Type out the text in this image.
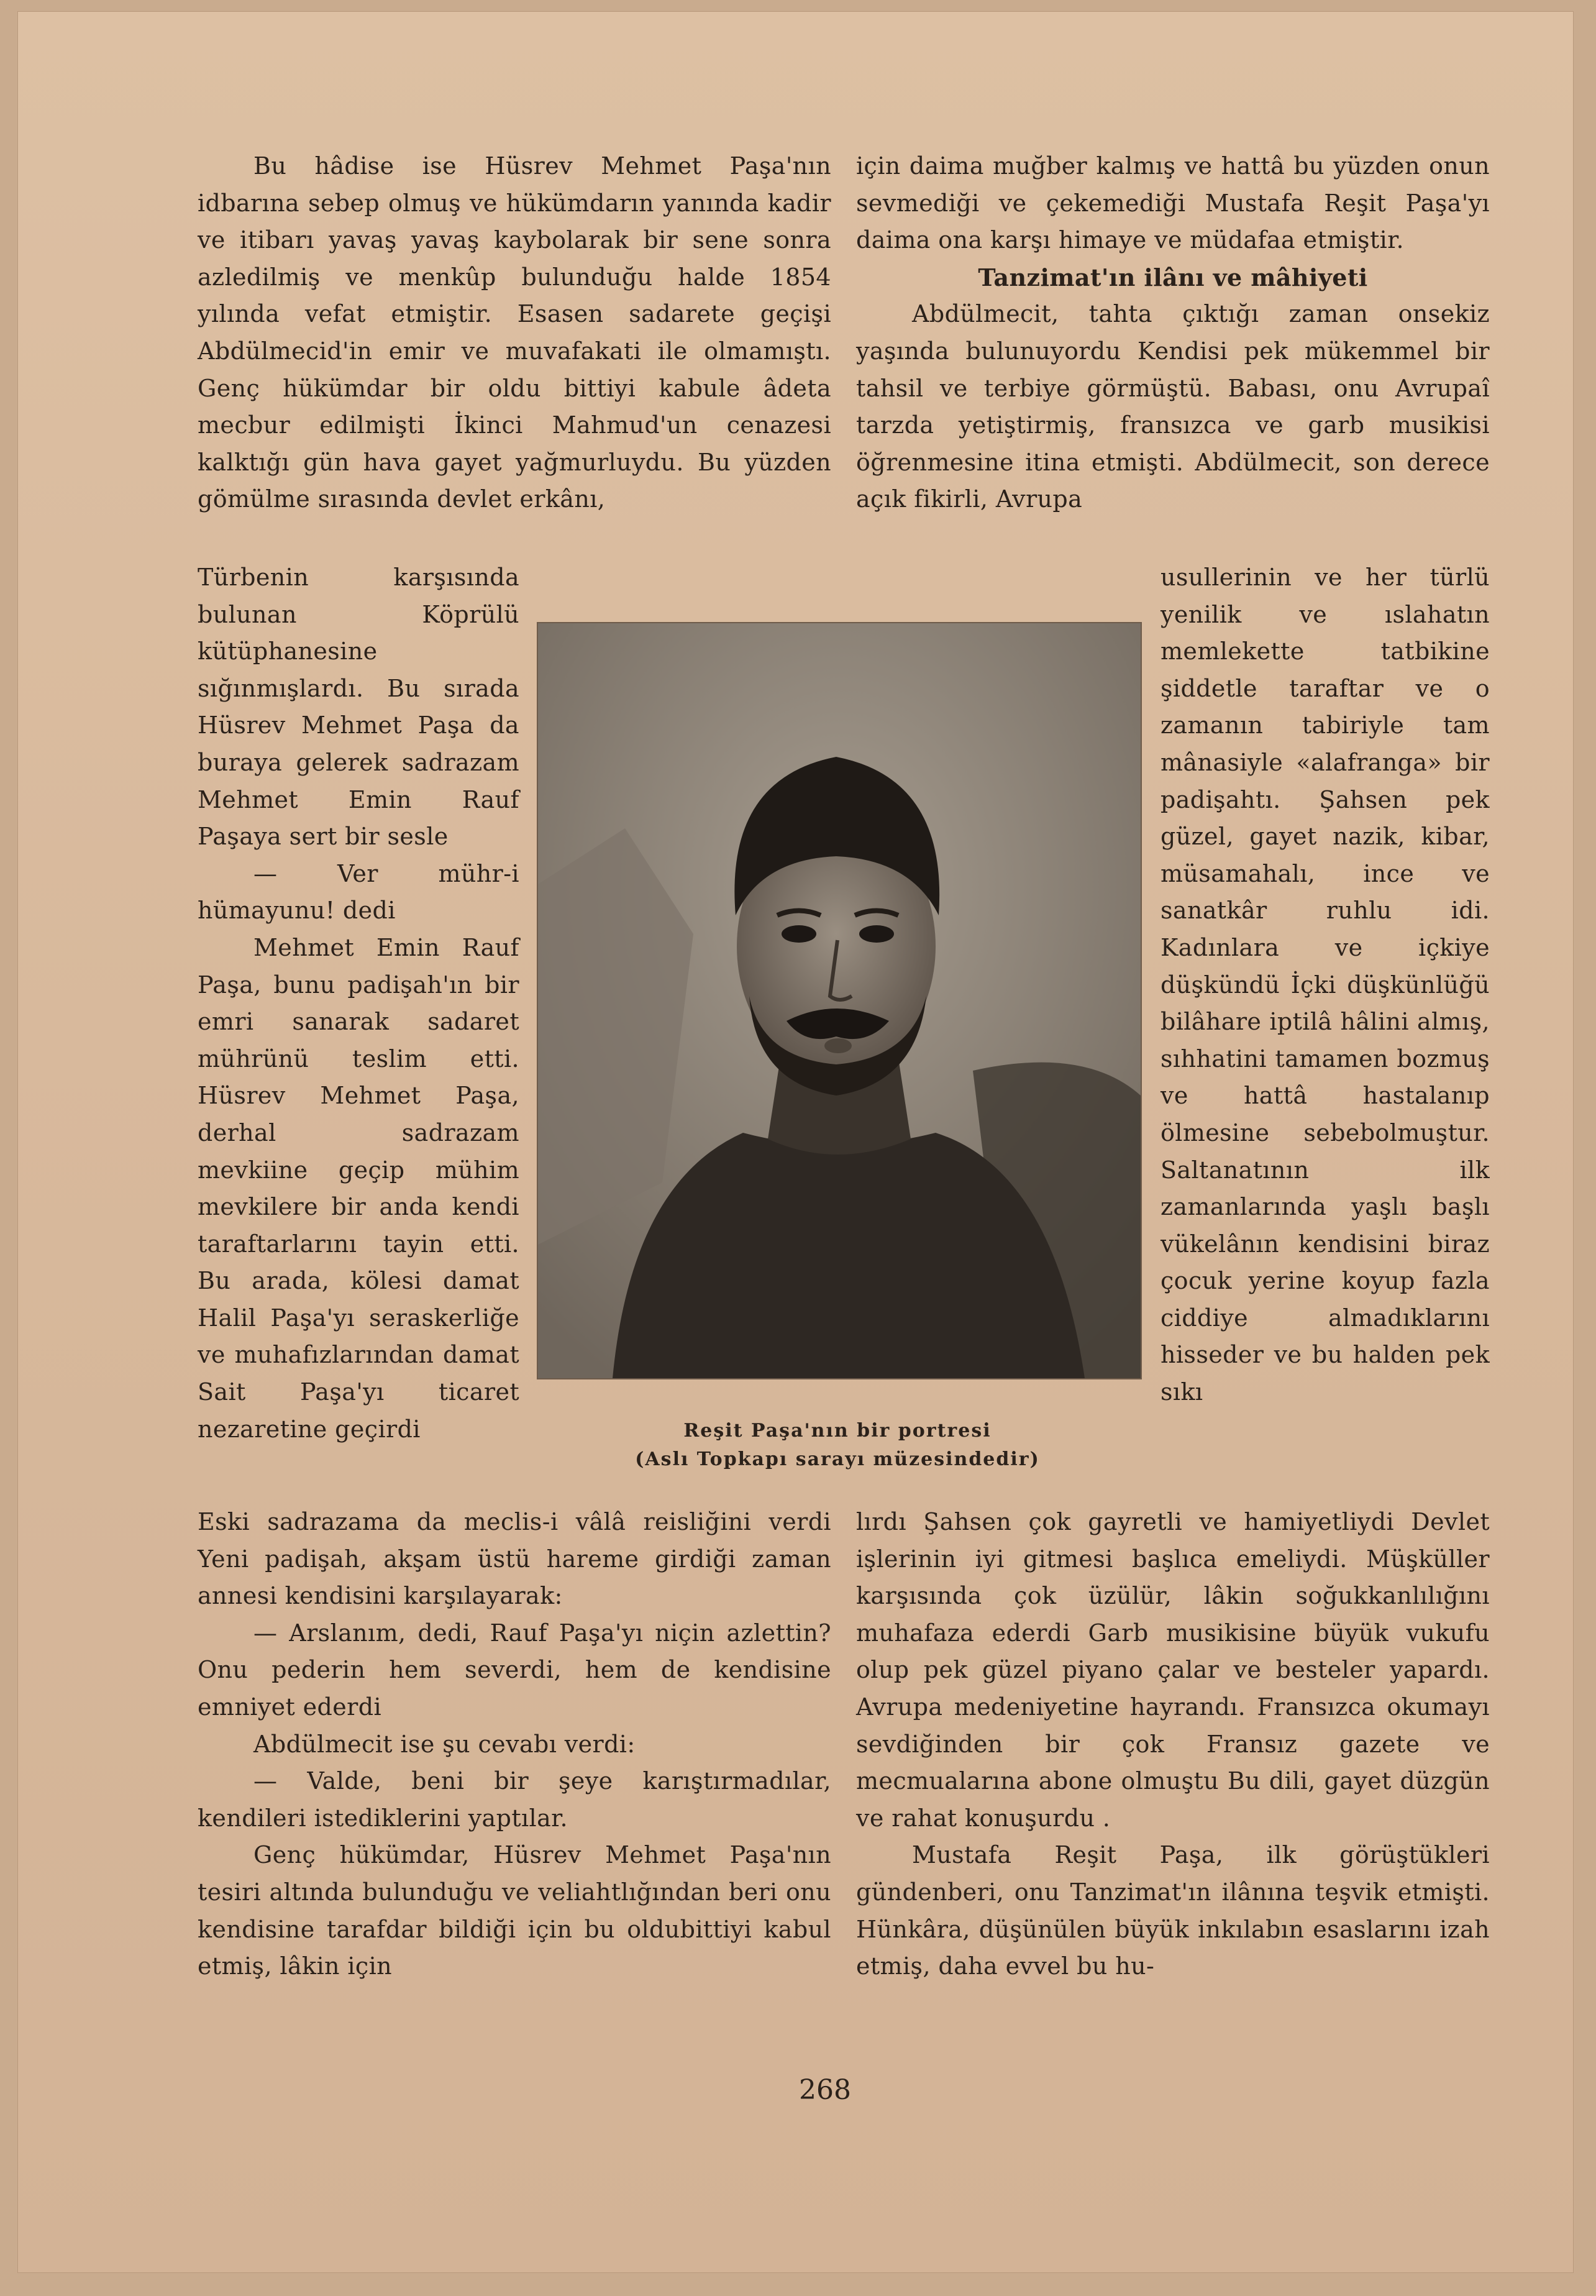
Bu hâdise ise Hüsrev Mehmet Paşa'nın idbarına sebep olmuş ve hükümdarın yanında kadir ve itibarı yavaş yavaş kaybolarak bir sene sonra azledilmiş ve menkûp bulunduğu halde 1854 yılında vefat etmiştir. Esasen sadarete geçişi Abdülmecid'in emir ve muvafakati ile olmamıştı. Genç hükümdar bir oldu bittiyi kabule âdeta mecbur edilmişti İkinci Mahmud'un cenazesi kalktığı gün hava gayet yağmurluydu. Bu yüzden gömülme sırasında devlet erkânı,

Türbenin karşısında bulunan Köprülü kütüphanesine sığınmışlardı. Bu sırada Hüsrev Mehmet Paşa da buraya gelerek sadrazam Mehmet Emin Rauf Paşaya sert bir sesle

— Ver mühr-i hümayunu! dedi

Mehmet Emin Rauf Paşa, bunu padişah'ın bir emri sanarak sadaret mührünü teslim etti. Hüsrev Mehmet Paşa, derhal sadrazam mevkiine geçip mühim mevkilere bir anda kendi taraftarlarını tayin etti. Bu arada, kölesi damat Halil Paşa'yı seraskerliğe ve muhafızlarından damat Sait Paşa'yı ticaret nezaretine geçirdi

Eski sadrazama da meclis-i vâlâ reisliğini verdi Yeni padişah, akşam üstü hareme girdiği zaman annesi kendisini karşılayarak:

— Arslanım, dedi, Rauf Paşa'yı niçin azlettin? Onu pederin hem severdi, hem de kendisine emniyet ederdi

Abdülmecit ise şu cevabı verdi:

— Valde, beni bir şeye karıştırmadılar, kendileri istediklerini yaptılar.

Genç hükümdar, Hüsrev Mehmet Paşa'nın tesiri altında bulunduğu ve veliahtlığından beri onu kendisine tarafdar bildiği için bu oldubittiyi kabul etmiş, lâkin için

için daima muğber kalmış ve hattâ bu yüzden onun sevmediği ve çekemediği Mustafa Reşit Paşa'yı daima ona karşı himaye ve müdafaa etmiştir.

Tanzimat'ın ilânı ve mâhiyeti

Abdülmecit, tahta çıktığı zaman onsekiz yaşında bulunuyordu Kendisi pek mükemmel bir tahsil ve terbiye görmüştü. Babası, onu Avrupaî tarzda yetiştirmiş, fransızca ve garb musikisi öğrenmesine itina etmişti. Abdülmecit, son derece açık fikirli, Avrupa

usullerinin ve her türlü yenilik ve ıslahatın memlekette tatbikine şiddetle taraftar ve o zamanın tabiriyle tam mânasiyle «alafranga» bir padişahtı. Şahsen pek güzel, gayet nazik, kibar, müsamahalı, ince ve sanatkâr ruhlu idi. Kadınlara ve içkiye düşkündü İçki düşkünlüğü bilâhare iptilâ hâlini almış, sıhhatini tamamen bozmuş ve hattâ hastalanıp ölmesine sebebolmuştur. Saltanatının ilk zamanlarında yaşlı başlı vükelânın kendisini biraz çocuk yerine koyup fazla ciddiye almadıklarını hisseder ve bu halden pek sıkı

lırdı Şahsen çok gayretli ve hamiyetliydi Devlet işlerinin iyi gitmesi başlıca emeliydi. Müşküller karşısında çok üzülür, lâkin soğukkanlılığını muhafaza ederdi Garb musikisine büyük vukufu olup pek güzel piyano çalar ve besteler yapardı. Avrupa medeniyetine hayrandı. Fransızca okumayı sevdiğinden bir çok Fransız gazete ve mecmualarına abone olmuştu Bu dili, gayet düzgün ve rahat konuşurdu .

Mustafa Reşit Paşa, ilk görüştükleri gündenberi, onu Tanzimat'ın ilânına teşvik etmişti. Hünkâra, düşünülen büyük inkılabın esaslarını izah etmiş, daha evvel bu hu-

Reşit Paşa'nın bir portresi
(Aslı Topkapı sarayı müzesindedir)
268
